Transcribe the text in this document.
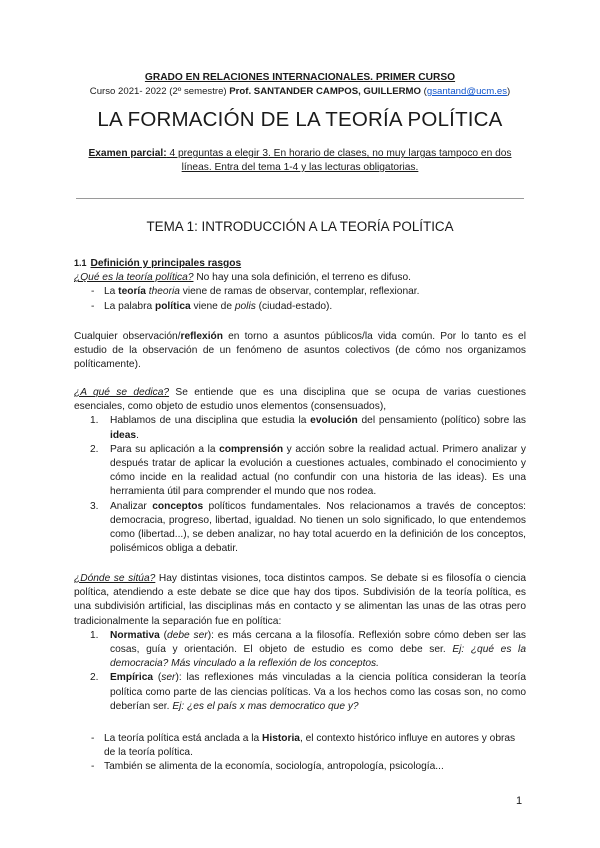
GRADO EN RELACIONES INTERNACIONALES. PRIMER CURSO
Curso 2021- 2022 (2º semestre) Prof. SANTANDER CAMPOS, GUILLERMO (gsantand@ucm.es)
LA FORMACIÓN DE LA TEORÍA POLÍTICA
Examen parcial: 4 preguntas a elegir 3. En horario de clases, no muy largas tampoco en dos líneas. Entra del tema 1-4 y las lecturas obligatorias.
TEMA 1: INTRODUCCIÓN A LA TEORÍA POLÍTICA
1.1 Definición y principales rasgos
¿Qué es la teoría política? No hay una sola definición, el terreno es difuso.
- La teoría theoria viene de ramas de observar, contemplar, reflexionar.
- La palabra política viene de polis (ciudad-estado).
Cualquier observación/reflexión en torno a asuntos públicos/la vida común. Por lo tanto es el estudio de la observación de un fenómeno de asuntos colectivos (de cómo nos organizamos políticamente).
¿A qué se dedica? Se entiende que es una disciplina que se ocupa de varias cuestiones esenciales, como objeto de estudio unos elementos (consensuados),
1. Hablamos de una disciplina que estudia la evolución del pensamiento (político) sobre las ideas.
2. Para su aplicación a la comprensión y acción sobre la realidad actual. Primero analizar y después tratar de aplicar la evolución a cuestiones actuales, combinado el conocimiento y cómo incide en la realidad actual (no confundir con una historia de las ideas). Es una herramienta útil para comprender el mundo que nos rodea.
3. Analizar conceptos políticos fundamentales. Nos relacionamos a través de conceptos: democracia, progreso, libertad, igualdad. No tienen un solo significado, lo que entendemos como (libertad...), se deben analizar, no hay total acuerdo en la definición de los conceptos, polisémicos obliga a debatir.
¿Dónde se sitúa? Hay distintas visiones, toca distintos campos. Se debate si es filosofía o ciencia política, atendiendo a este debate se dice que hay dos tipos. Subdivisión de la teoría política, es una subdivisión artificial, las disciplinas más en contacto y se alimentan las unas de las otras pero tradicionalmente la separación fue en política:
1. Normativa (debe ser): es más cercana a la filosofía. Reflexión sobre cómo deben ser las cosas, guía y orientación. El objeto de estudio es como debe ser. Ej: ¿qué es la democracia? Más vinculado a la reflexión de los conceptos.
2. Empírica (ser): las reflexiones más vinculadas a la ciencia política consideran la teoría política como parte de las ciencias políticas. Va a los hechos como las cosas son, no como deberían ser. Ej: ¿es el país x mas democratico que y?
- La teoría política está anclada a la Historia, el contexto histórico influye en autores y obras de la teoría política.
- También se alimenta de la economía, sociología, antropología, psicología...
1
